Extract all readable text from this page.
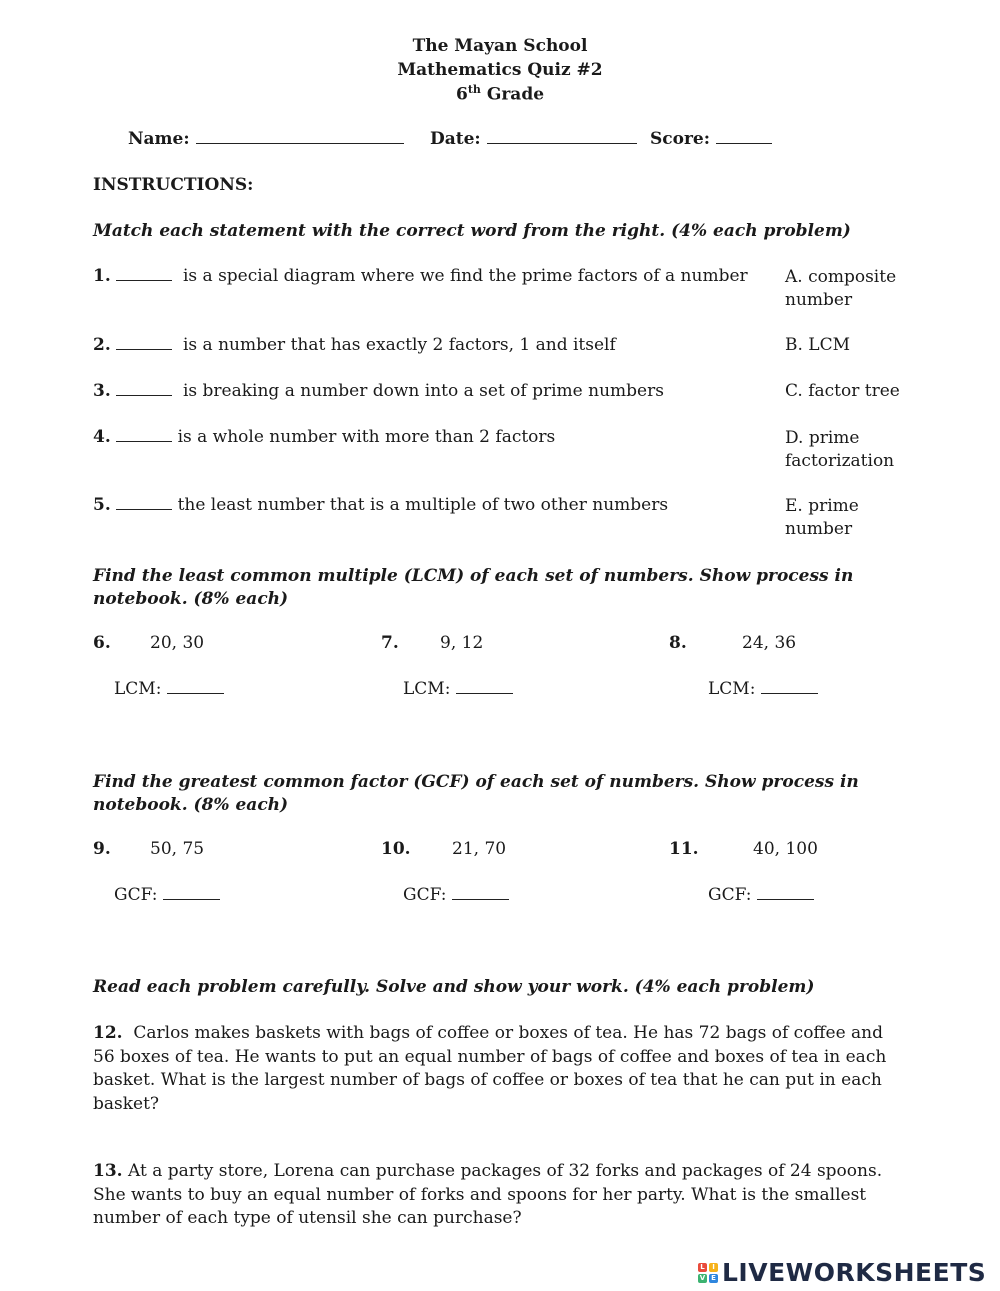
The Mayan School
Mathematics Quiz #2
6th Grade
Name:	Date:	Score:
INSTRUCTIONS:
Match each statement with the correct word from the right. (4% each problem)
1.	is a special diagram where we find the prime factors of a number A. composite number
2.	is a number that has exactly 2 factors, 1 and itself	B. LCM
3.	is breaking a number down into a set of prime numbers	C. factor tree
4.	is a whole number with more than 2 factors	D. prime factorization
5.	the least number that is a multiple of two other numbers	E. prime number
Find the least common multiple (LCM) of each set of numbers. Show process in notebook. (8% each)
6. 20, 30	7. 9, 12	8.	24, 36
LCM:	LCM:	LCM:
Find the greatest common factor (GCF) of each set of numbers. Show process in notebook. (8% each)
9. 50, 75	10. 21, 70	11.	40, 100
GCF:	GCF:	GCF:
Read each problem carefully. Solve and show your work. (4% each problem)
12. Carlos makes baskets with bags of coffee or boxes of tea. He has 72 bags of coffee and 56 boxes of tea. He wants to put an equal number of bags of coffee and boxes of tea in each basket. What is the largest number of bags of coffee or boxes of tea that he can put in each basket?
13. At a party store, Lorena can purchase packages of 32 forks and packages of 24 spoons. She wants to buy an equal number of forks and spoons for her party. What is the smallest number of each type of utensil she can purchase?
L	I
V E LIVEWORKSHEETS
